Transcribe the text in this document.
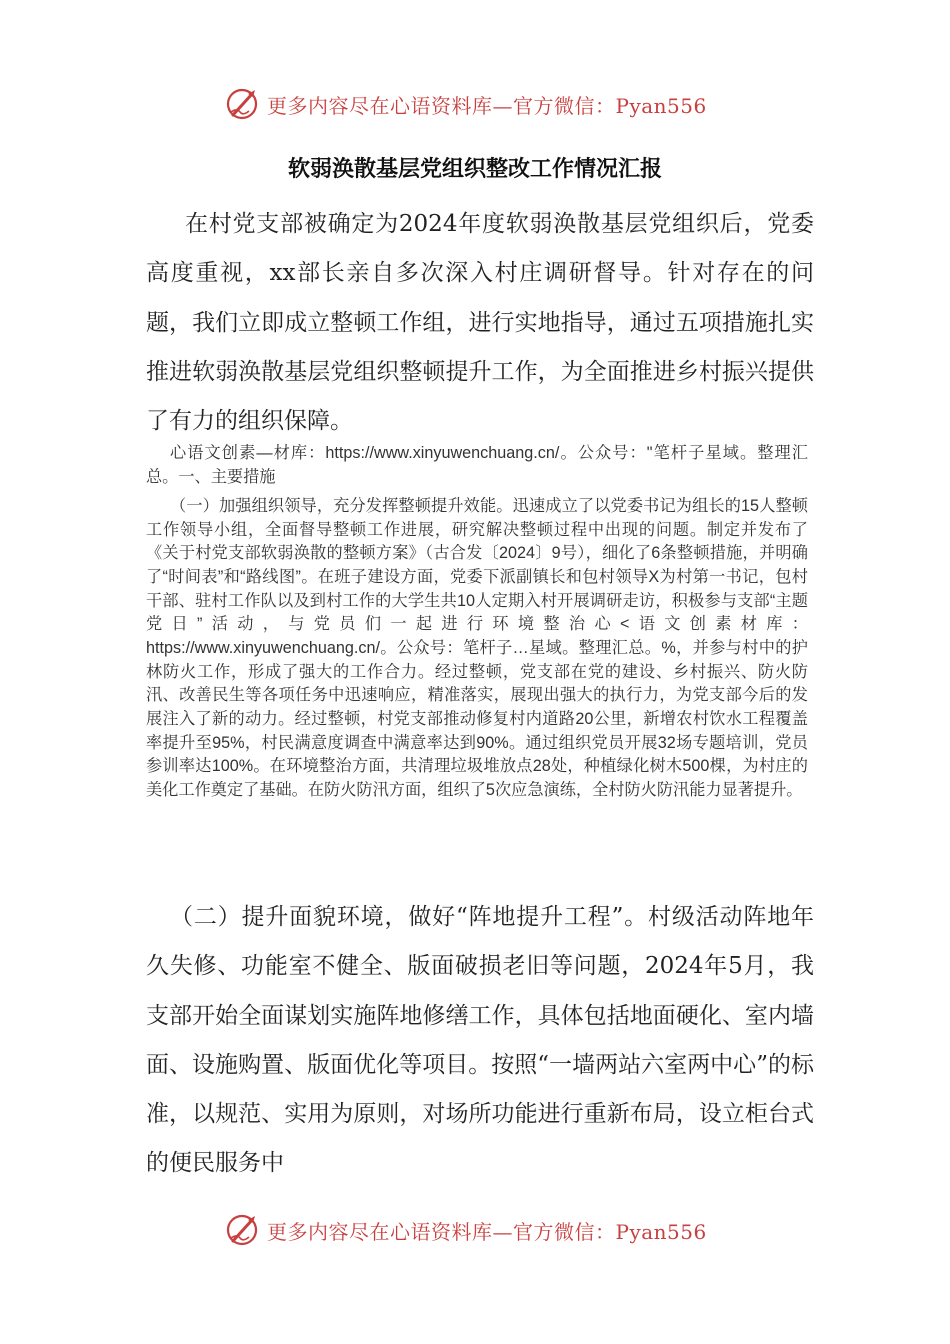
更多内容尽在心语资料库—官方微信：Pyan556
软弱涣散基层党组织整改工作情况汇报
在村党支部被确定为2024年度软弱涣散基层党组织后，党委高度重视，xx部长亲自多次深入村庄调研督导。针对存在的问题，我们立即成立整顿工作组，进行实地指导，通过五项措施扎实推进软弱涣散基层党组织整顿提升工作，为全面推进乡村振兴提供了有力的组织保障。
心语文创素—材库：https://www.xinyuwenchuang.cn/。公众号："笔杆子星域。整理汇总。一、主要措施
（一）加强组织领导，充分发挥整顿提升效能。迅速成立了以党委书记为组长的15人整顿工作领导小组，全面督导整顿工作进展，研究解决整顿过程中出现的问题。制定并发布了《关于村党支部软弱涣散的整顿方案》（古合发〔2024〕9号），细化了6条整顿措施，并明确了“时间表”和“路线图”。在班子建设方面，党委下派副镇长和包村领导X为村第一书记，包村干部、驻村工作队以及到村工作的大学生共10人定期入村开展调研走访，积极参与支部“主题党日”活动，与党员们一起进行环境整治心<语文创素材库：https://www.xinyuwenchuang.cn/。公众号：笔杆子…星域。整理汇总。%，并参与村中的护林防火工作，形成了强大的工作合力。经过整顿，党支部在党的建设、乡村振兴、防火防汛、改善民生等各项任务中迅速响应，精准落实，展现出强大的执行力，为党支部今后的发展注入了新的动力。经过整顿，村党支部推动修复村内道路20公里，新增农村饮水工程覆盖率提升至95%，村民满意度调查中满意率达到90%。通过组织党员开展32场专题培训，党员参训率达100%。在环境整治方面，共清理垃圾堆放点28处，种植绿化树木500棵，为村庄的美化工作奠定了基础。在防火防汛方面，组织了5次应急演练，全村防火防汛能力显著提升。
（二）提升面貌环境，做好“阵地提升工程”。村级活动阵地年久失修、功能室不健全、版面破损老旧等问题，2024年5月，我支部开始全面谋划实施阵地修缮工作，具体包括地面硬化、室内墙面、设施购置、版面优化等项目。按照“一墙两站六室两中心”的标准，以规范、实用为原则，对场所功能进行重新布局，设立柜台式的便民服务中
更多内容尽在心语资料库—官方微信：Pyan556
